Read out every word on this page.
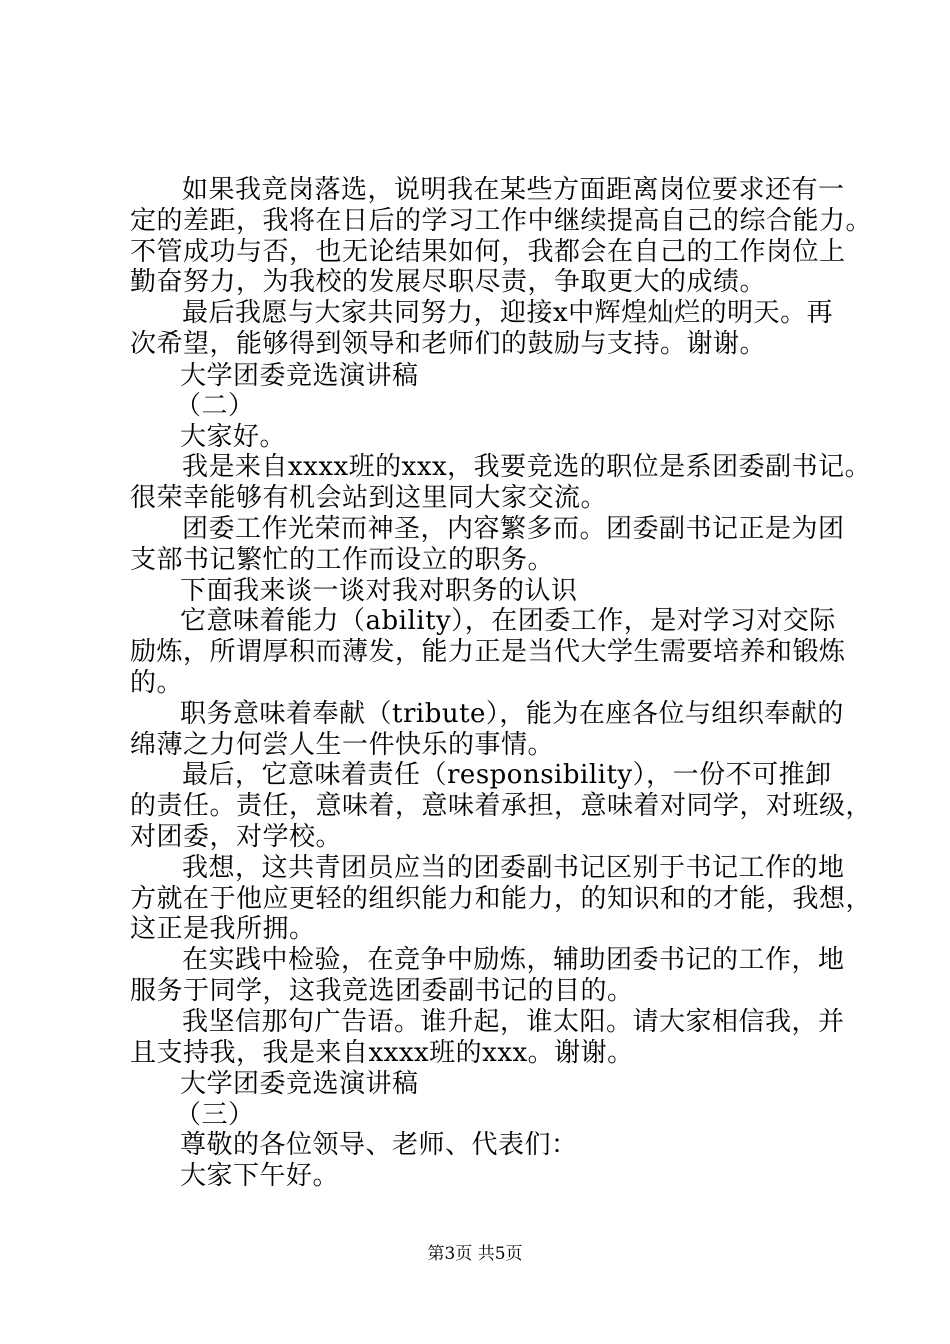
如果我竞岗落选，说明我在某些方面距离岗位要求还有一
定的差距，我将在日后的学习工作中继续提高自己的综合能力。
不管成功与否，也无论结果如何，我都会在自己的工作岗位上
勤奋努力，为我校的发展尽职尽责，争取更大的成绩。
最后我愿与大家共同努力，迎接x中辉煌灿烂的明天。再
次希望，能够得到领导和老师们的鼓励与支持。谢谢。
大学团委竞选演讲稿
（二）
大家好。
我是来自xxxx班的xxx，我要竞选的职位是系团委副书记。
很荣幸能够有机会站到这里同大家交流。
团委工作光荣而神圣，内容繁多而。团委副书记正是为团
支部书记繁忙的工作而设立的职务。
下面我来谈一谈对我对职务的认识
它意味着能力（ability），在团委工作，是对学习对交际
励炼，所谓厚积而薄发，能力正是当代大学生需要培养和锻炼
的。
职务意味着奉献（tribute），能为在座各位与组织奉献的
绵薄之力何尝人生一件快乐的事情。
最后，它意味着责任（responsibility），一份不可推卸
的责任。责任，意味着，意味着承担，意味着对同学，对班级，
对团委，对学校。
我想，这共青团员应当的团委副书记区别于书记工作的地
方就在于他应更轻的组织能力和能力，的知识和的才能，我想，
这正是我所拥。
在实践中检验，在竞争中励炼，辅助团委书记的工作，地
服务于同学，这我竞选团委副书记的目的。
我坚信那句广告语。谁升起，谁太阳。请大家相信我，并
且支持我，我是来自xxxx班的xxx。谢谢。
大学团委竞选演讲稿
（三）
尊敬的各位领导、老师、代表们：
大家下午好。
第3页 共5页
